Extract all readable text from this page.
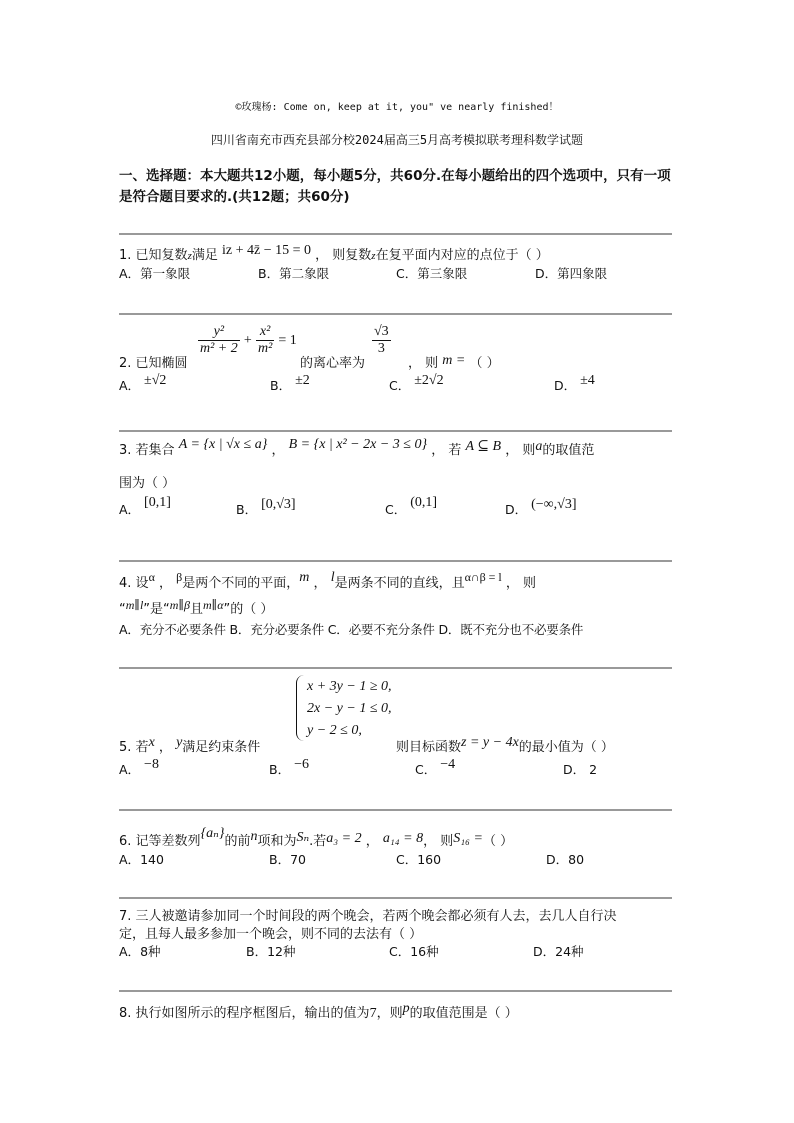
©玫瑰杨: Come on, keep at it, you" ve nearly finished！
四川省南充市西充县部分校2024届高三5月高考模拟联考理科数学试题
一、选择题：本大题共12小题，每小题5分，共60分.在每小题给出的四个选项中，只有一项是符合题目要求的.(共12题；共60分)
1. 已知复数z满足 iz + 4z̄ − 15 = 0 ， 则复数z在复平面内对应的点位于（ ）
A．第一象限	B．第二象限	C．第三象限	D．第四象限
2. 已知椭圆
$\frac{\text{y²}}{\text{m² + 2}} + \frac{\text{x²}}{\text{m²}} = 1$
的离心率为
$\frac{√3}{3}$
， 则 m = （ ）
A． ±√2	B． ±2	C． ±2√2	D． ±4
3. 若集合 A = {x | √x ≤ a} ， B = {x | x² − 2x − 3 ≤ 0} ， 若 A ⊆ B ， 则a的取值范
围为（ ）
A． [0,1]	B． [0,√3]	C． (0,1]	D． (−∞,√3]
4. 设α ， β是两个不同的平面，m ， l是两条不同的直线，且α∩β = l ， 则
“m∥l”是“m∥β且m∥α”的（ ）
A．充分不必要条件 B．充分必要条件 C．必要不充分条件 D．既不充分也不必要条件
5. 若x ， y满足约束条件
x + 3y − 1 ≥ 0,
2x − y − 1 ≤ 0,
y − 2 ≤ 0,
则目标函数z = y − 4x的最小值为（ ）
A． −8	B． −6	C． −4	D． 2
6. 记等差数列{aₙ}的前n项和为Sₙ.若a₃ = 2 ， a₁₄ = 8， 则S₁₆ =（ ）
A．140	B．70	C．160	D．80
7. 三人被邀请参加同一个时间段的两个晚会，若两个晚会都必须有人去，去几人自行决
定，且每人最多参加一个晚会，则不同的去法有（ ）
A．8种	B．12种	C．16种	D．24种
8. 执行如图所示的程序框图后，输出的值为7，则p的取值范围是（ ）
